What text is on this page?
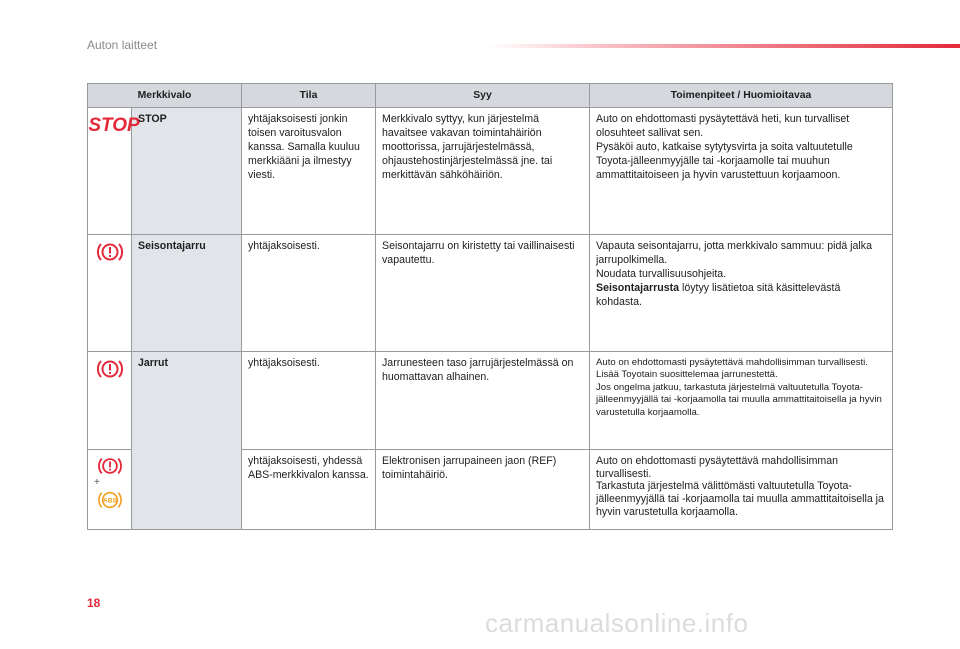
Auton laitteet
Merkkivalo		Tila	Syy	Toimenpiteet / Huomioitavaa

STOP	STOP	yhtäjaksoisesti jonkin toisen varoitusvalon kanssa. Samalla kuuluu merkkiääni ja ilmestyy viesti.	Merkkivalo syttyy, kun järjestelmä havaitsee vakavan toimintahäiriön moottorissa, jarrujärjestelmässä, ohjaustehostinjärjestelmässä jne. tai merkittävän sähköhäiriön.	Auto on ehdottomasti pysäytettävä heti, kun turvalliset olosuhteet sallivat sen.
Pysäköi auto, katkaise sytytysvirta ja soita valtuutetulle Toyota-jälleenmyyjälle tai -korjaamolle tai muuhun ammattitaitoiseen ja hyvin varustettuun korjaamoon.

	Seisontajarru	yhtäjaksoisesti.	Seisontajarru on kiristetty tai vaillinaisesti vapautettu.	Vapauta seisontajarru, jotta merkkivalo sammuu: pidä jalka jarrupolkimella.
Noudata turvallisuusohjeita.
Seisontajarrusta löytyy lisätietoa sitä käsittelevästä kohdasta.

	Jarrut	yhtäjaksoisesti.	Jarrunesteen taso jarrujärjestelmässä on huomattavan alhainen.	Auto on ehdottomasti pysäytettävä mahdollisimman turvallisesti.
Lisää Toyotain suosittelemaa jarrunestettä.
Jos ongelma jatkuu, tarkastuta järjestelmä valtuutetulla Toyota-jälleenmyyjällä tai -korjaamolla tai muulla ammattitaitoisella ja hyvin varustetulla korjaamolla.

+
ABS		yhtäjaksoisesti, yhdessä ABS-merkkivalon kanssa.	Elektronisen jarrupaineen jaon (REF) toimintahäiriö.	Auto on ehdottomasti pysäytettävä mahdollisimman turvallisesti.
Tarkastuta järjestelmä välittömästi valtuutetulla Toyota-jälleenmyyjällä tai -korjaamolla tai muulla ammattitaitoisella ja hyvin varustetulla korjaamolla.
18
carmanualsonline.info
